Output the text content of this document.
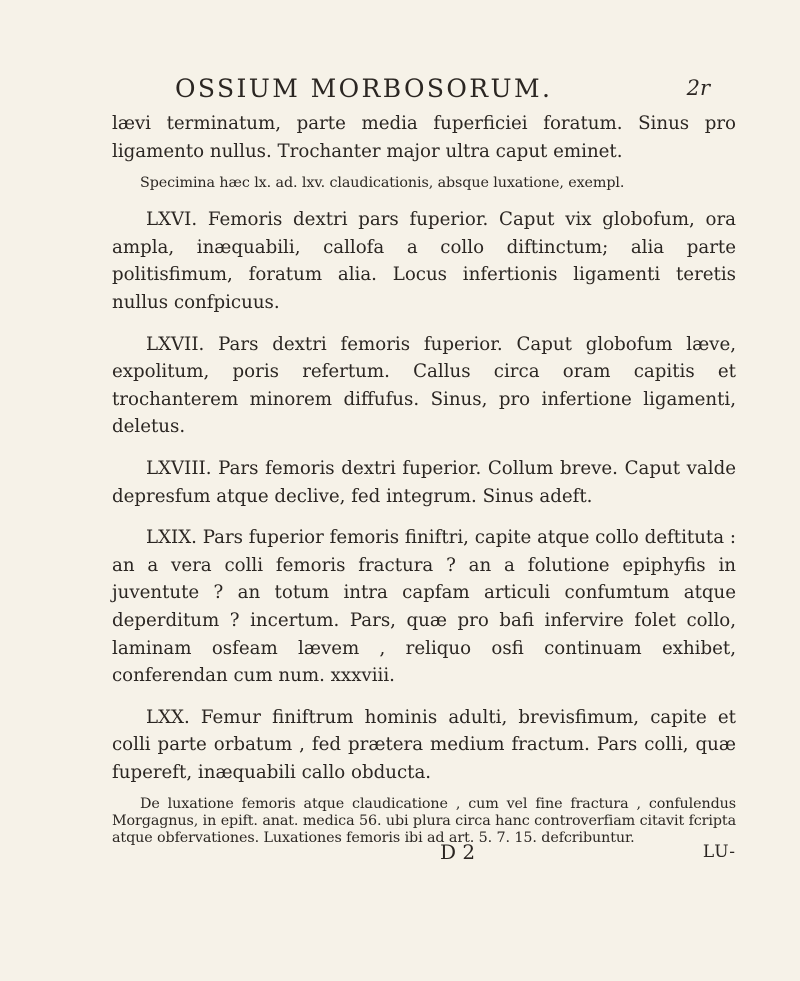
OSSIUM MORBOSORUM.	2r

lævi terminatum, parte media fuperficiei foratum. Sinus pro ligamento nullus. Trochanter major ultra caput eminet.

Specimina hæc lx. ad. lxv. claudicationis, absque luxatione, exempl.

LXVI. Femoris dextri pars fuperior. Caput vix globofum, ora ampla, inæquabili, callofa a collo diftinctum; alia parte politisfimum, foratum alia. Locus infertionis ligamenti teretis nullus confpicuus.

LXVII. Pars dextri femoris fuperior. Caput globofum læve, expolitum, poris refertum. Callus circa oram capitis et trochanterem minorem diffufus. Sinus, pro infertione ligamenti, deletus.

LXVIII. Pars femoris dextri fuperior. Collum breve. Caput valde depresfum atque declive, fed integrum. Sinus adeft.

LXIX. Pars fuperior femoris finiftri, capite atque collo deftituta : an a vera colli femoris fractura ? an a folutione epiphyfis in juventute ? an totum intra capfam articuli confumtum atque deperditum ? incertum. Pars, quæ pro bafi infervire folet collo, laminam osfeam lævem , reliquo osfi continuam exhibet, conferendan cum num. xxxviii.

LXX. Femur finiftrum hominis adulti, brevisfimum, capite et colli parte orbatum , fed prætera medium fractum. Pars colli, quæ fupereft, inæquabili callo obducta.

De luxatione femoris atque claudicatione , cum vel fine fractura , confulendus Morgagnus, in epift. anat. medica 56. ubi plura circa hanc controverfiam citavit fcripta atque obfervationes. Luxationes femoris ibi ad art. 5. 7. 15. defcribuntur.

D 2	LU-
